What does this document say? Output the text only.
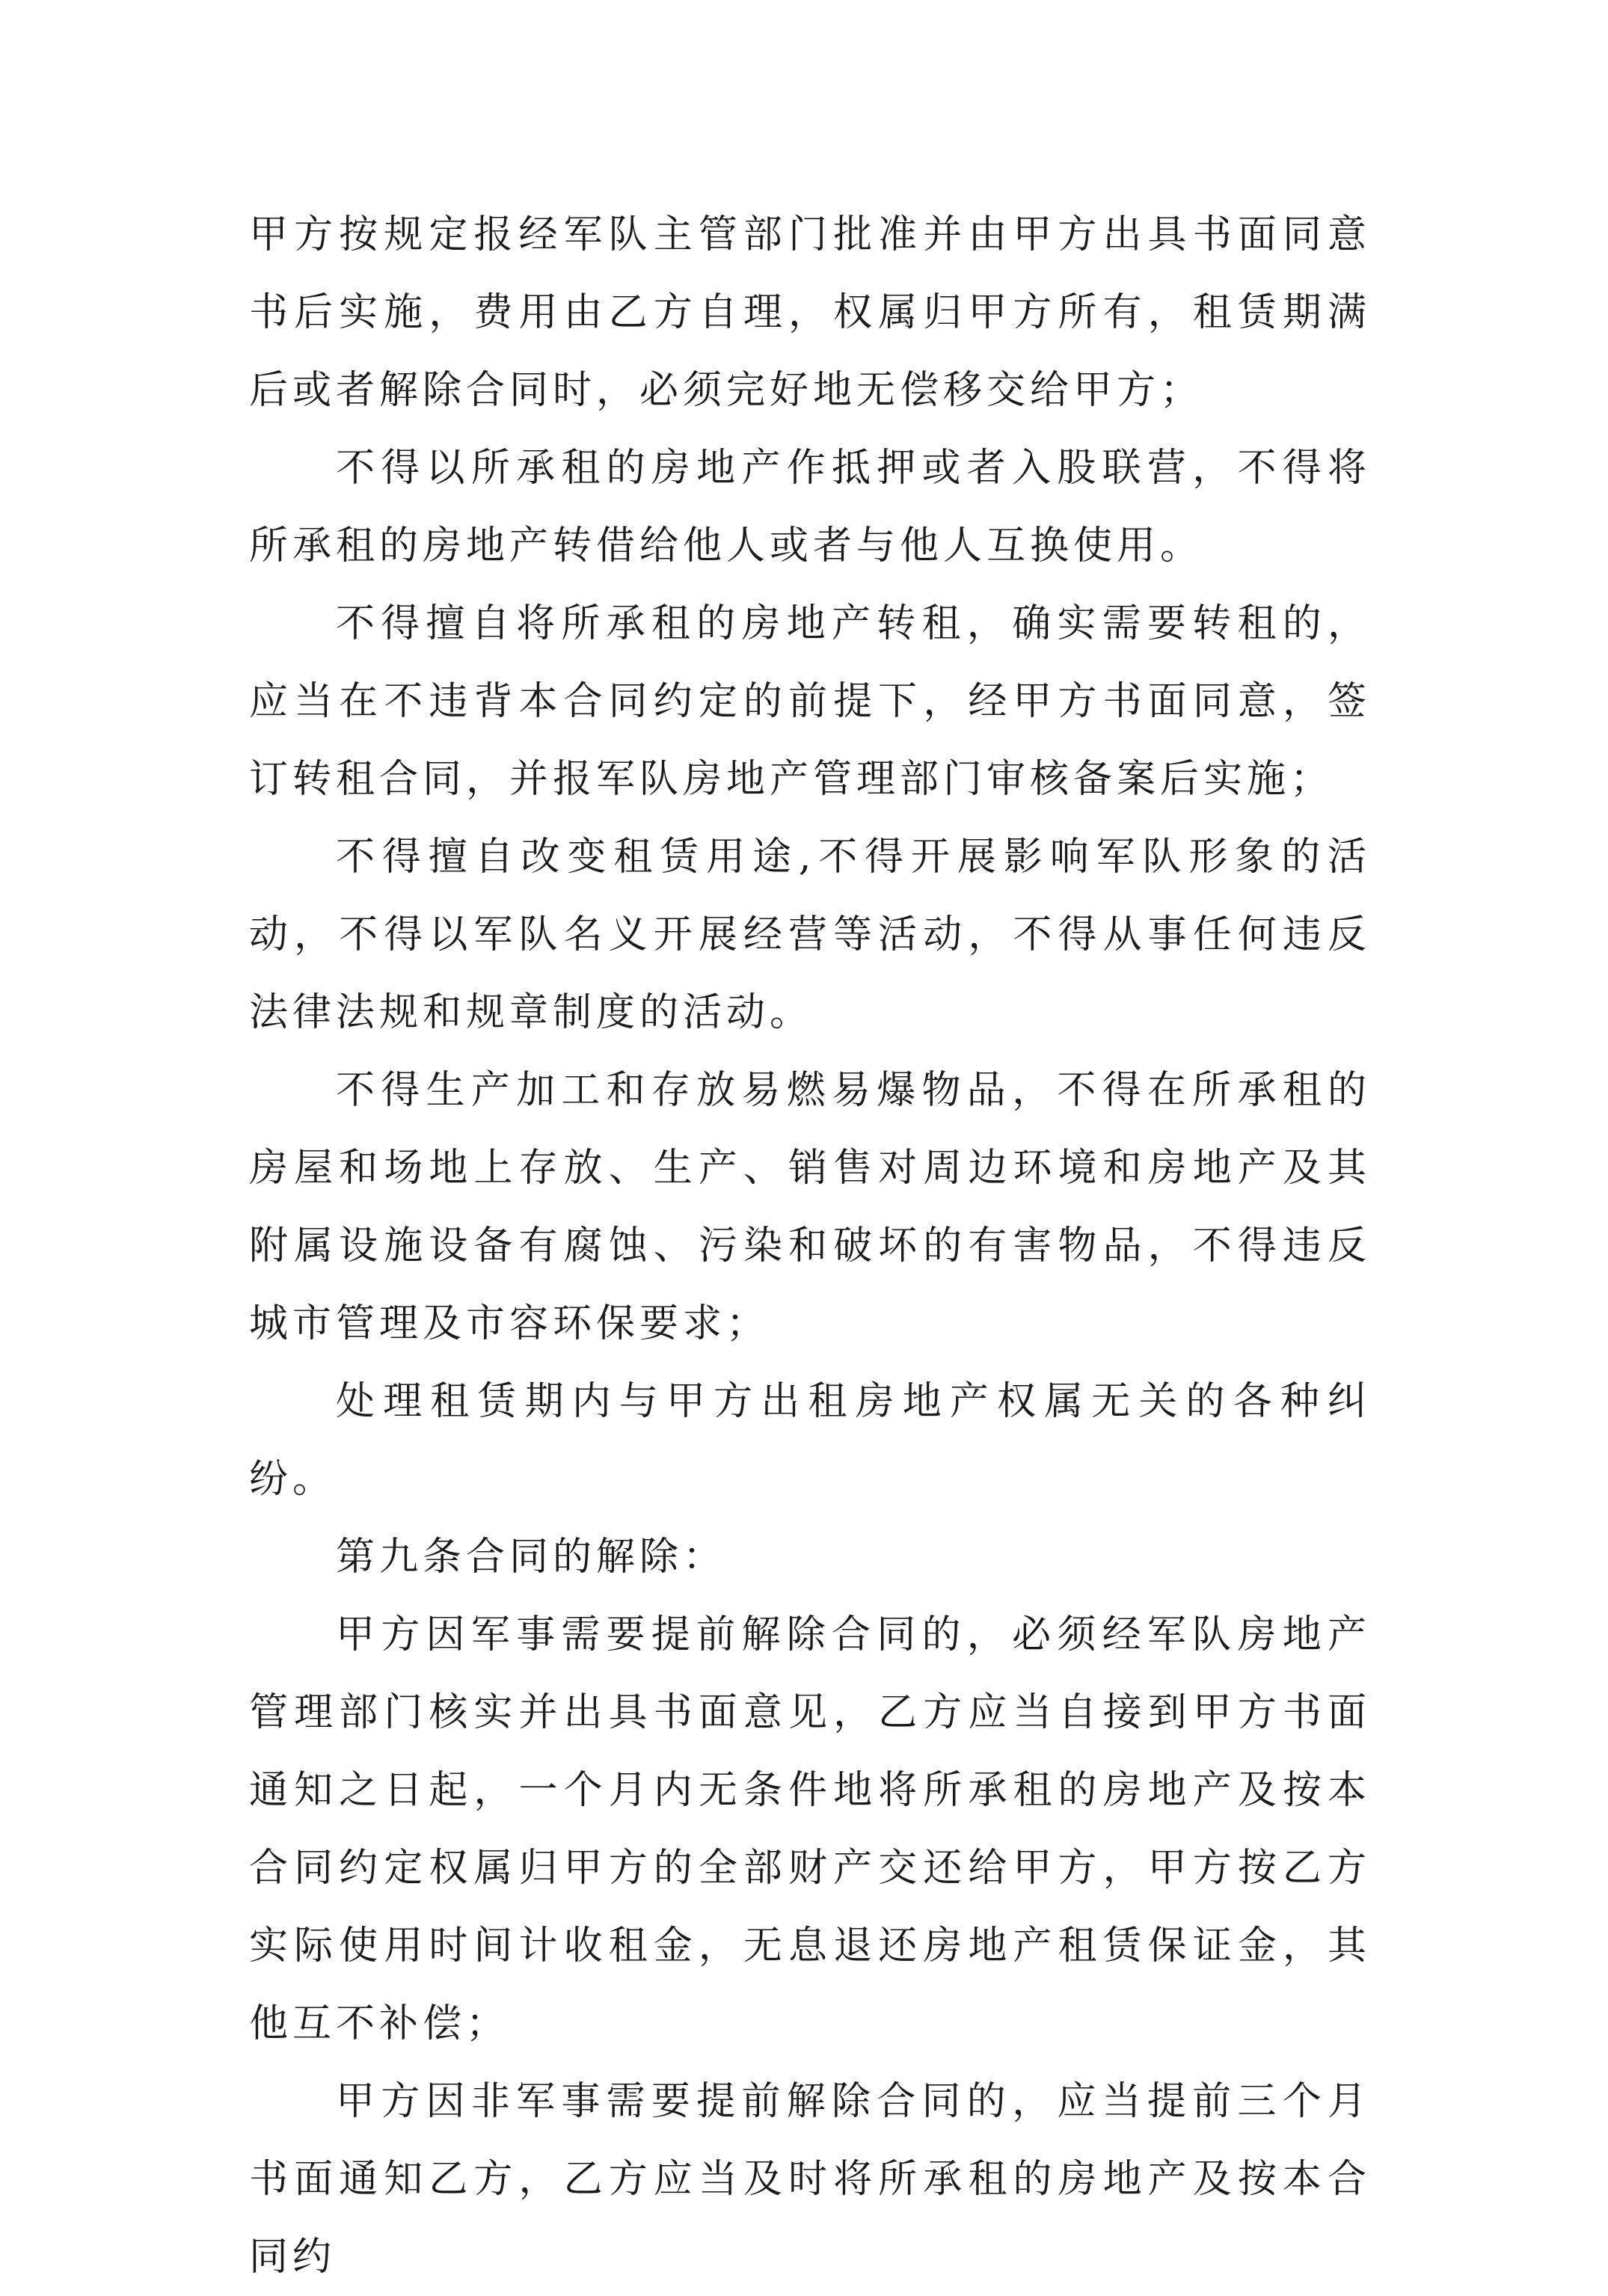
甲方按规定报经军队主管部门批准并由甲方出具书面同意书后实施，费用由乙方自理，权属归甲方所有，租赁期满后或者解除合同时，必须完好地无偿移交给甲方；

不得以所承租的房地产作抵押或者入股联营，不得将所承租的房地产转借给他人或者与他人互换使用。

不得擅自将所承租的房地产转租，确实需要转租的，应当在不违背本合同约定的前提下，经甲方书面同意，签订转租合同，并报军队房地产管理部门审核备案后实施；

不得擅自改变租赁用途,不得开展影响军队形象的活动，不得以军队名义开展经营等活动，不得从事任何违反法律法规和规章制度的活动。

不得生产加工和存放易燃易爆物品，不得在所承租的房屋和场地上存放、生产、销售对周边环境和房地产及其附属设施设备有腐蚀、污染和破坏的有害物品，不得违反城市管理及市容环保要求；

处理租赁期内与甲方出租房地产权属无关的各种纠纷。

第九条合同的解除：

甲方因军事需要提前解除合同的，必须经军队房地产管理部门核实并出具书面意见，乙方应当自接到甲方书面通知之日起，一个月内无条件地将所承租的房地产及按本合同约定权属归甲方的全部财产交还给甲方，甲方按乙方实际使用时间计收租金，无息退还房地产租赁保证金，其他互不补偿；

甲方因非军事需要提前解除合同的，应当提前三个月书面通知乙方，乙方应当及时将所承租的房地产及按本合同约
